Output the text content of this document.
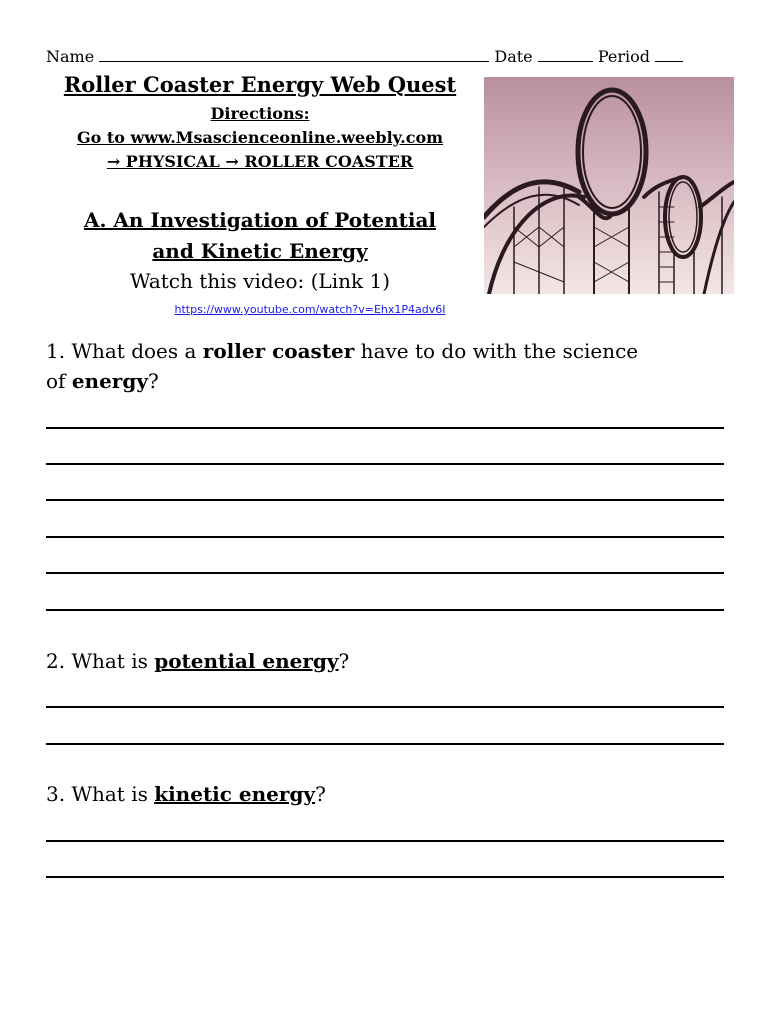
Name	Date	Period
Roller Coaster Energy Web Quest
Directions:
Go to www.Msascienceonline.weebly.com
→ PHYSICAL → ROLLER COASTER
A. An Investigation of Potential
and Kinetic Energy
Watch this video: (Link 1)
https://www.youtube.com/watch?v=Ehx1P4adv6I
1. What does a roller coaster have to do with the science
of energy?
2. What is potential energy?
3. What is kinetic energy?
